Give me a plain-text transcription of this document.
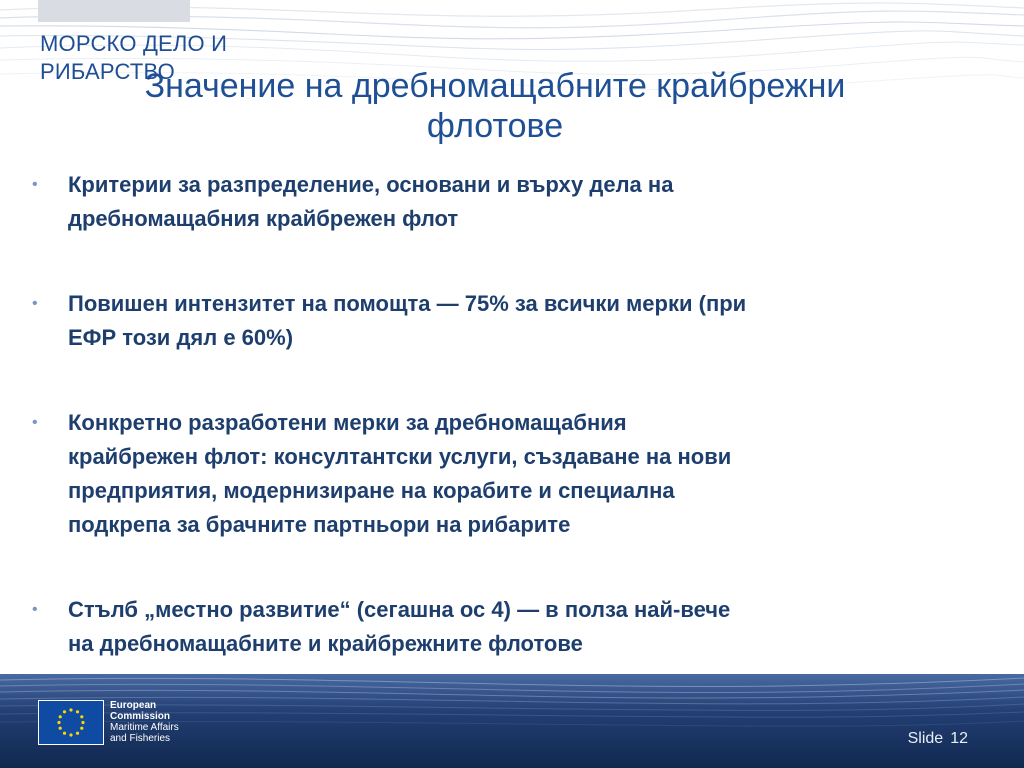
МОРСКО ДЕЛО И РИБАРСТВО
Значение на дребномащабните крайбрежни
флотове
• Критерии за разпределение, основани и върху дела на
дребномащабния крайбрежен флот
• Повишен интензитет на помощта — 75% за всички мерки (при
ЕФР този дял е 60%)
• Конкретно разработени мерки за дребномащабния
крайбрежен флот: консултантски услуги, създаване на нови
предприятия, модернизиране на корабите и специална
подкрепа за брачните партньори на рибарите
• Стълб „местно развитие“ (сегашна ос 4) — в полза най-вече
на дребномащабните и крайбрежните флотове
European
Commission
Maritime Affairs
and Fisheries	Slide 12
